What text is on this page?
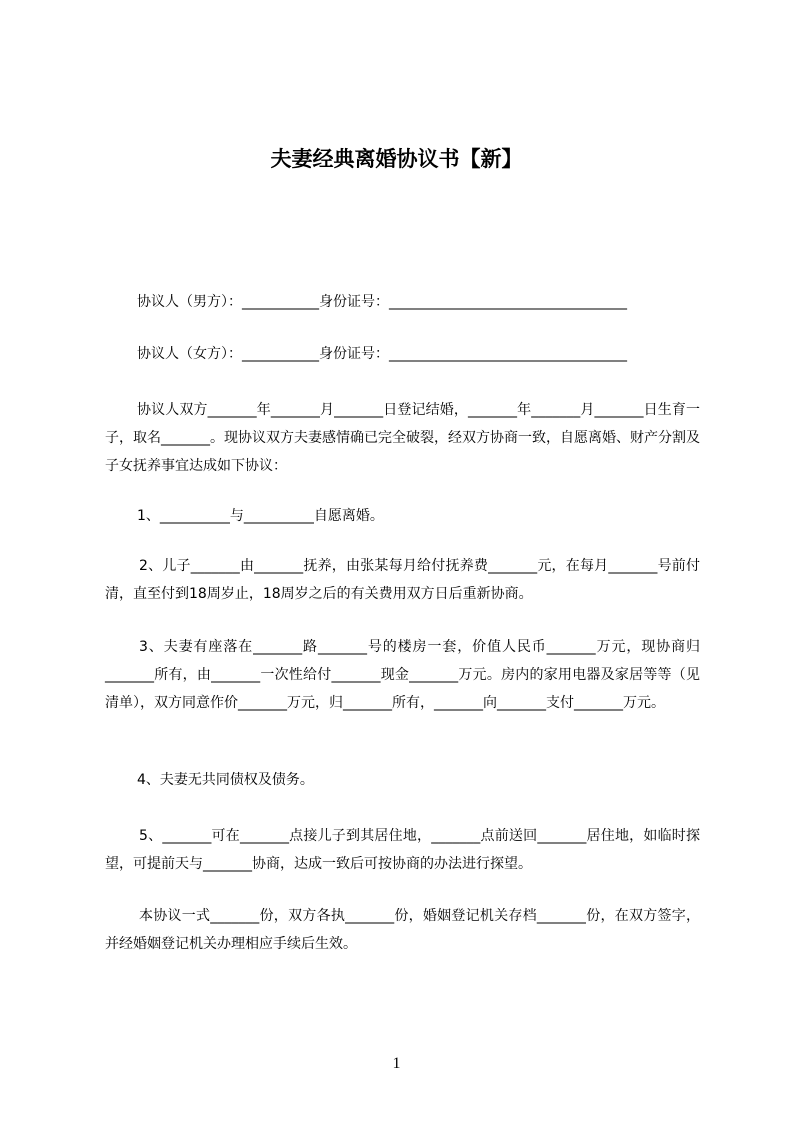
夫妻经典离婚协议书【新】
协议人（男方）：___________身份证号：__________________________________
协议人（女方）：___________身份证号：__________________________________
协议人双方_______年_______月_______日登记结婚，_______年_______月_______日生育一子，取名_______。现协议双方夫妻感情确已完全破裂，经双方协商一致，自愿离婚、财产分割及子女抚养事宜达成如下协议：
1、__________与__________自愿离婚。
2、儿子_______由_______抚养，由张某每月给付抚养费_______元，在每月_______号前付清，直至付到18周岁止，18周岁之后的有关费用双方日后重新协商。
3、夫妻有座落在_______路_______号的楼房一套，价值人民币_______万元，现协商归_______所有，由_______一次性给付_______现金_______万元。房内的家用电器及家居等等（见清单），双方同意作价_______万元，归_______所有，_______向_______支付_______万元。
4、夫妻无共同债权及债务。
5、_______可在_______点接儿子到其居住地，_______点前送回_______居住地，如临时探望，可提前天与_______协商，达成一致后可按协商的办法进行探望。
本协议一式_______份，双方各执_______份，婚姻登记机关存档_______份，在双方签字，并经婚姻登记机关办理相应手续后生效。
1
